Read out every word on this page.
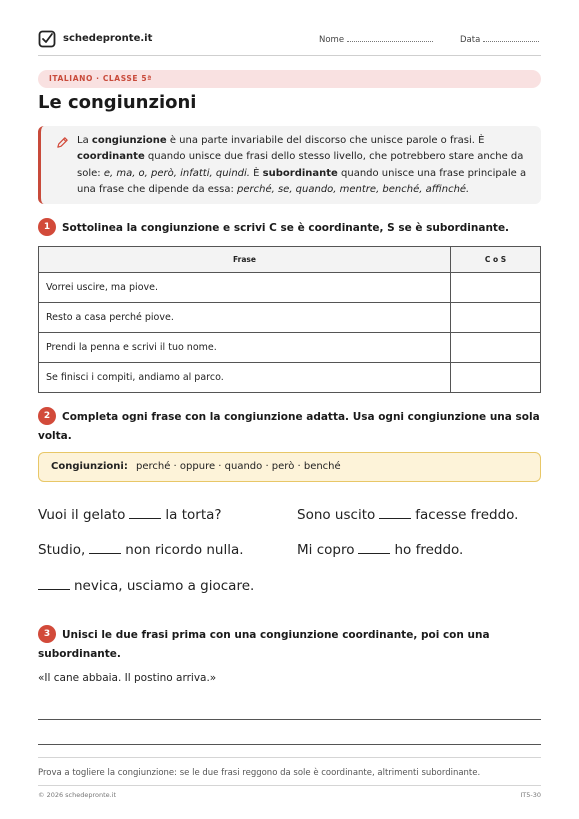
schedepronte.it	Nome	Data
ITALIANO · CLASSE 5ª
Le congiunzioni
La congiunzione è una parte invariabile del discorso che unisce parole o frasi. È coordinante quando unisce due frasi dello stesso livello, che potrebbero stare anche da sole: e, ma, o, però, infatti, quindi. È subordinante quando unisce una frase principale a una frase che dipende da essa: perché, se, quando, mentre, benché, affinché.
1 Sottolinea la congiunzione e scrivi C se è coordinante, S se è subordinante.
Frase	C o S
Vorrei uscire, ma piove.	
Resto a casa perché piove.	
Prendi la penna e scrivi il tuo nome.	
Se finisci i compiti, andiamo al parco.	
2 Completa ogni frase con la congiunzione adatta. Usa ogni congiunzione una sola volta.
Congiunzioni: perché · oppure · quando · però · benché
Vuoi il gelato	la torta?	Sono uscito	facesse freddo.
Studio,	non ricordo nulla.	Mi copro	ho freddo.
nevica, usciamo a giocare.
3 Unisci le due frasi prima con una congiunzione coordinante, poi con una subordinante.
«Il cane abbaia. Il postino arriva.»
Prova a togliere la congiunzione: se le due frasi reggono da sole è coordinante, altrimenti subordinante.
© 2026 schedepronte.it	IT5-30
